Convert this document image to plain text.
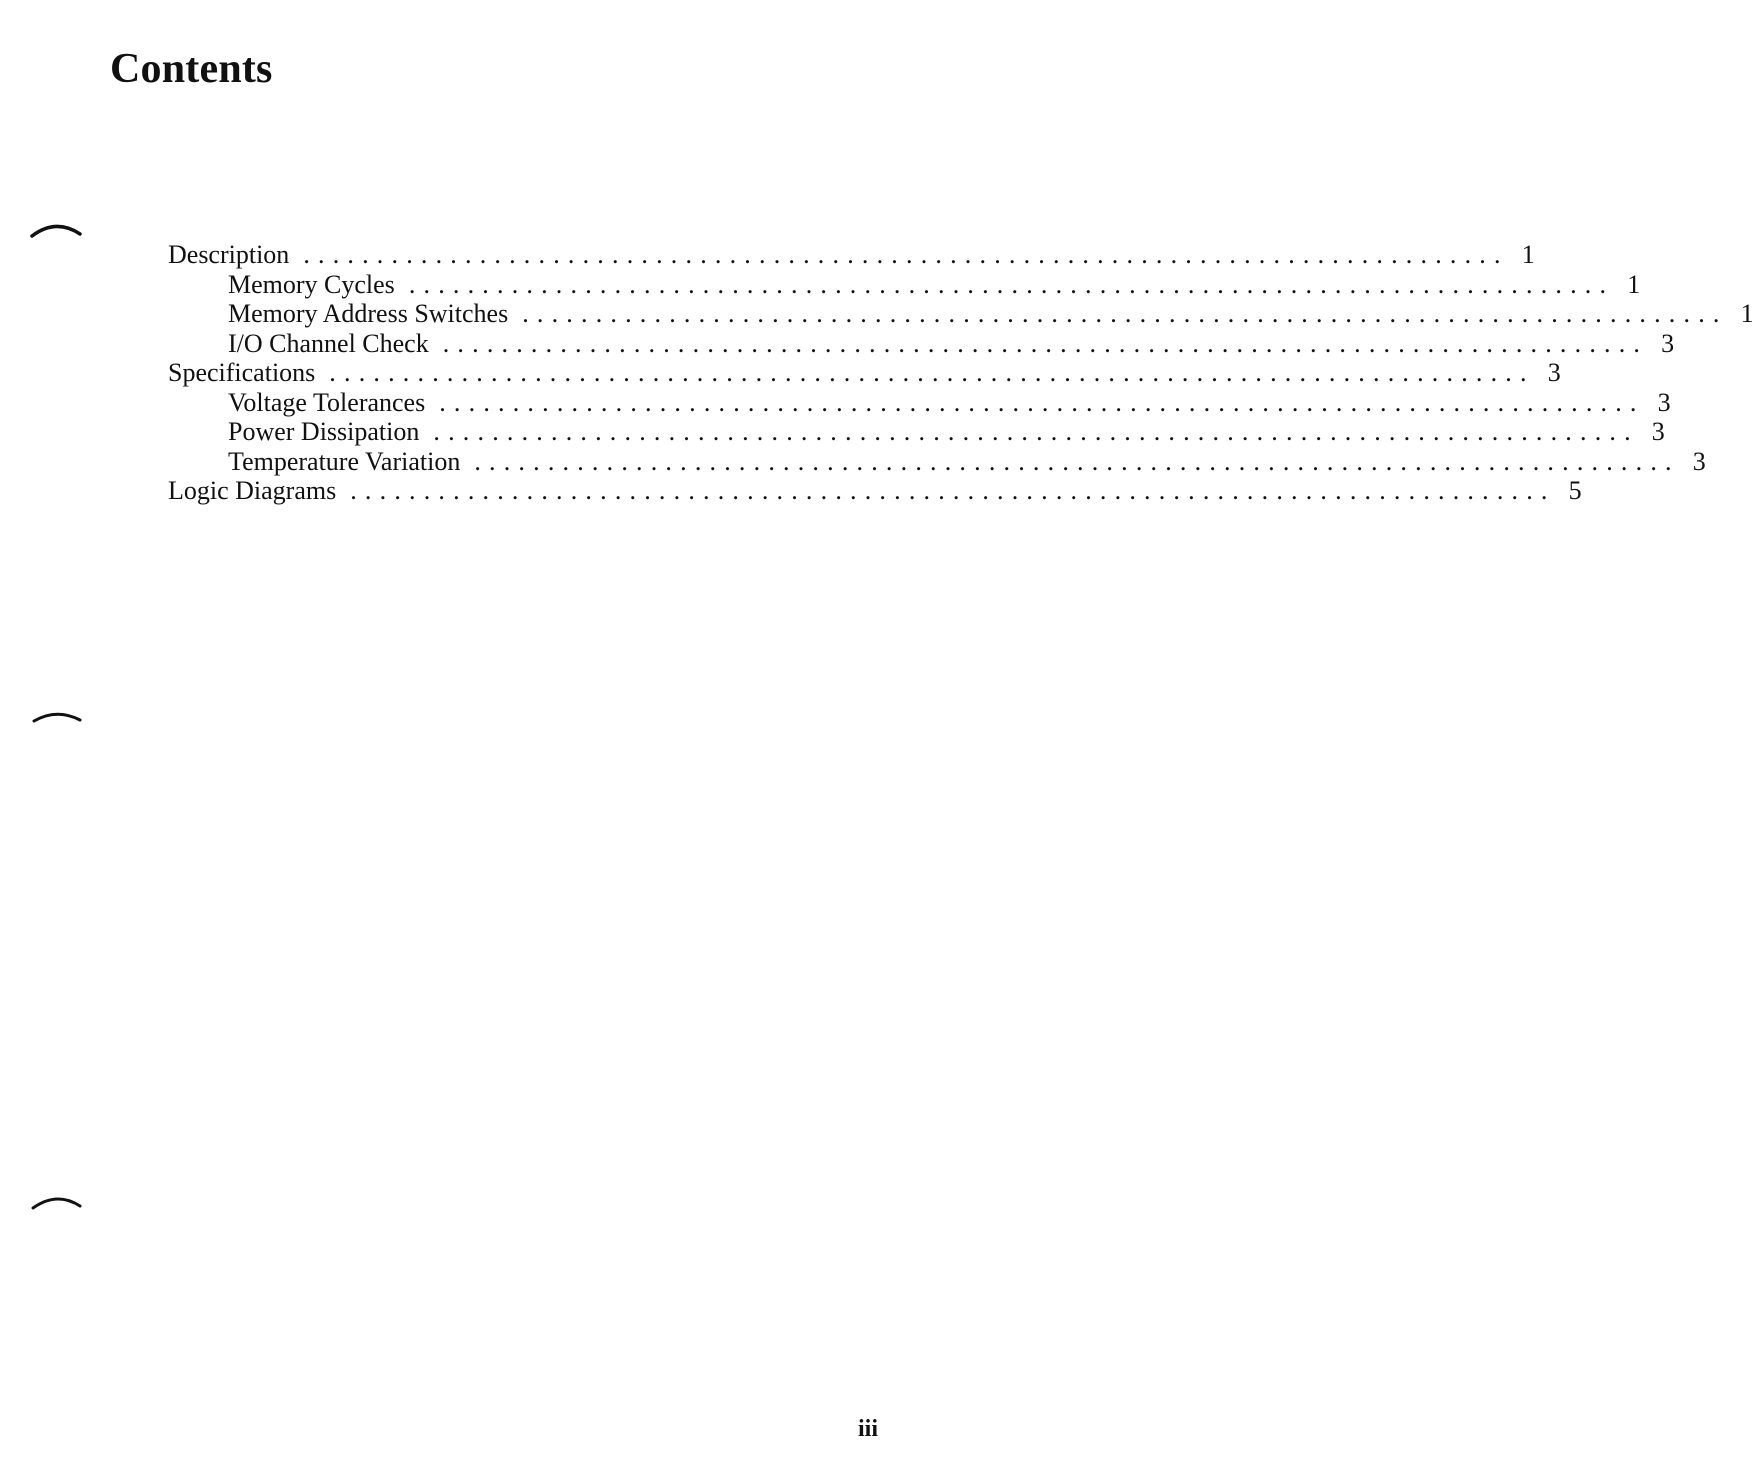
Contents
Description .................................................................................. 1
Memory Cycles .................................................................................. 1
Memory Address Switches .................................................................................. 1
I/O Channel Check .................................................................................. 3
Specifications .................................................................................. 3
Voltage Tolerances .................................................................................. 3
Power Dissipation .................................................................................. 3
Temperature Variation .................................................................................. 3
Logic Diagrams .................................................................................. 5
iii
